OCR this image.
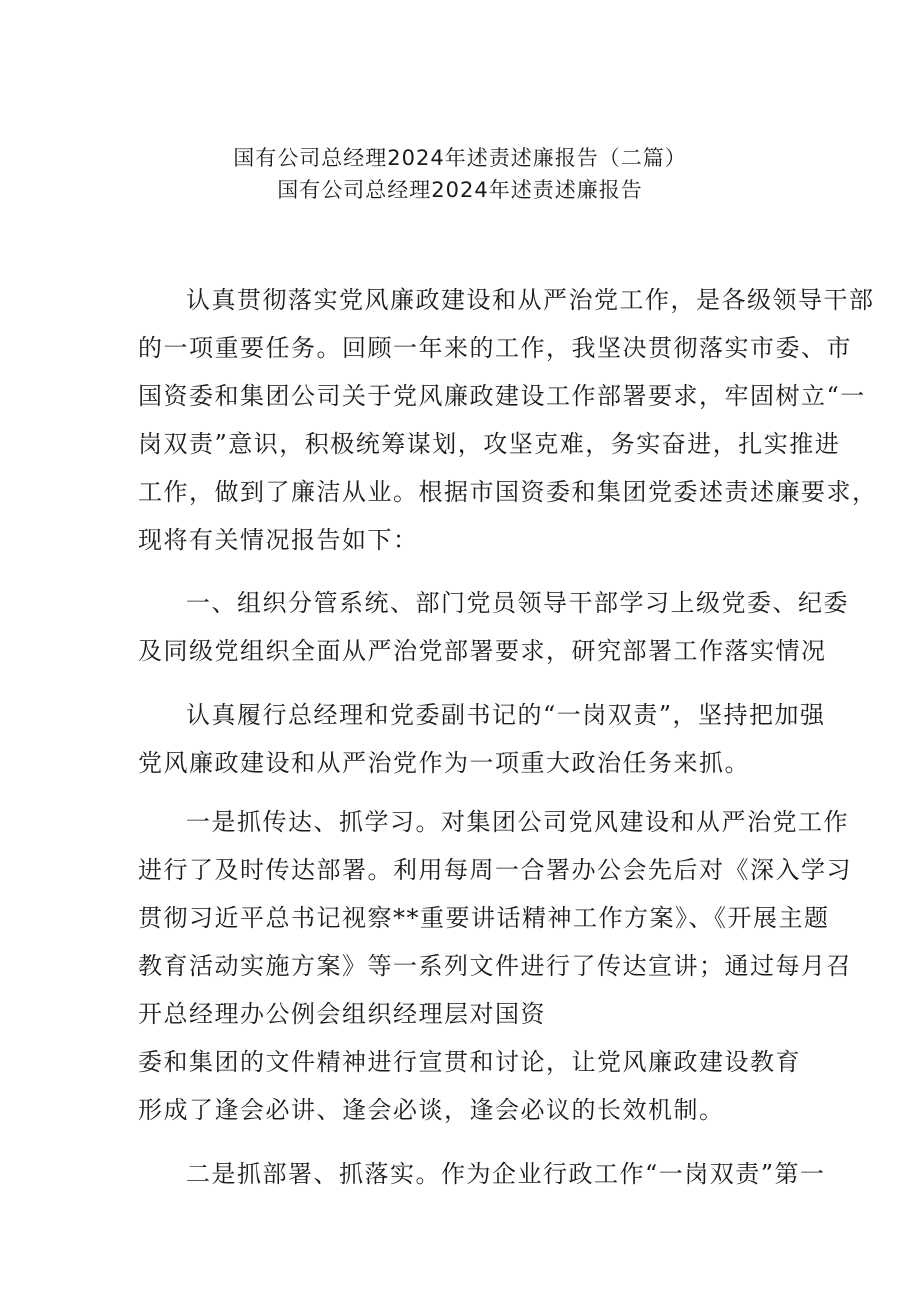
国有公司总经理2024年述责述廉报告（二篇）
国有公司总经理2024年述责述廉报告
认真贯彻落实党风廉政建设和从严治党工作，是各级领导干部
的一项重要任务。回顾一年来的工作，我坚决贯彻落实市委、市
国资委和集团公司关于党风廉政建设工作部署要求，牢固树立“一
岗双责”意识，积极统筹谋划，攻坚克难，务实奋进，扎实推进
工作，做到了廉洁从业。根据市国资委和集团党委述责述廉要求，
现将有关情况报告如下：
一、组织分管系统、部门党员领导干部学习上级党委、纪委
及同级党组织全面从严治党部署要求，研究部署工作落实情况
认真履行总经理和党委副书记的“一岗双责”，坚持把加强
党风廉政建设和从严治党作为一项重大政治任务来抓。
一是抓传达、抓学习。对集团公司党风建设和从严治党工作
进行了及时传达部署。利用每周一合署办公会先后对《深入学习
贯彻习近平总书记视察**重要讲话精神工作方案》、《开展主题
教育活动实施方案》等一系列文件进行了传达宣讲；通过每月召
开总经理办公例会组织经理层对国资
委和集团的文件精神进行宣贯和讨论，让党风廉政建设教育
形成了逢会必讲、逢会必谈，逢会必议的长效机制。
二是抓部署、抓落实。作为企业行政工作“一岗双责”第一
